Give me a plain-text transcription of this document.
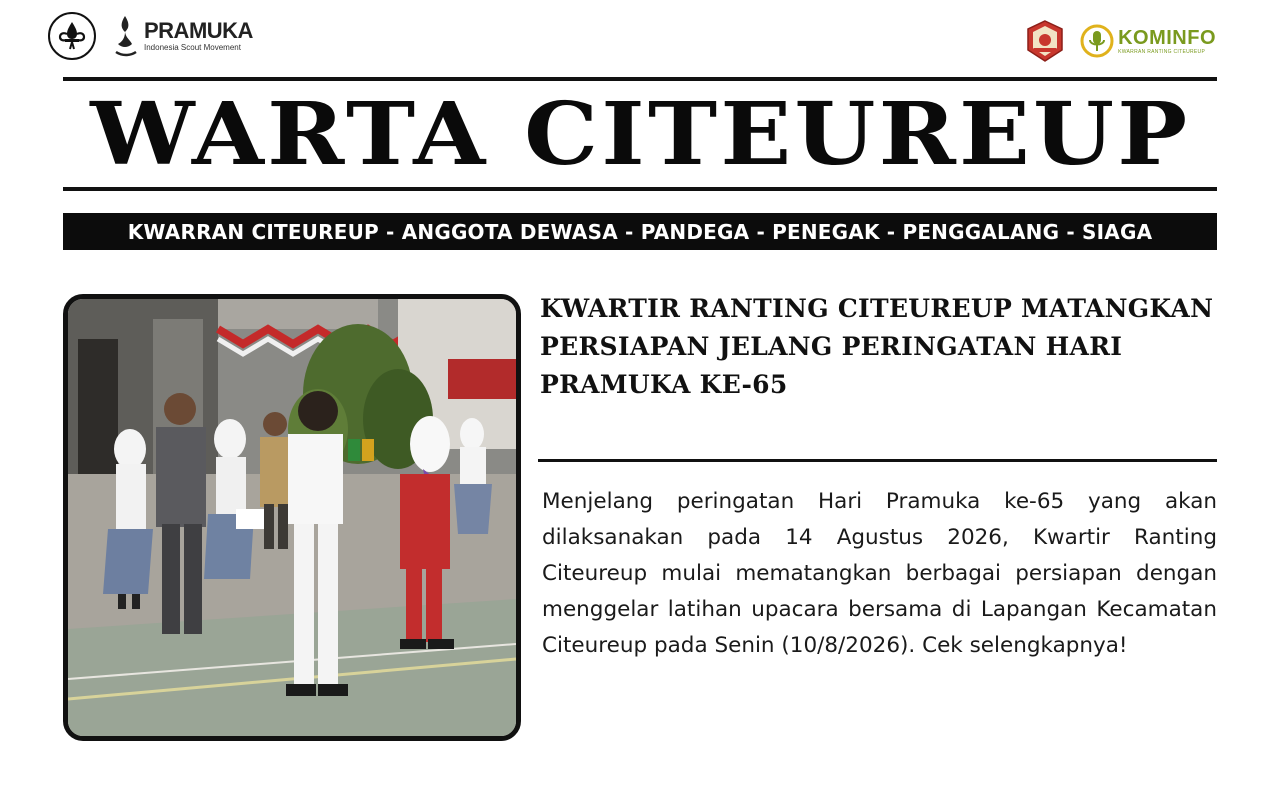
PRAMUKA
Indonesia Scout Movement	KOMINFO
KWARRAN RANTING CITEUREUP
WARTA CITEUREUP
KWARRAN CITEUREUP - ANGGOTA DEWASA - PANDEGA - PENEGAK - PENGGALANG - SIAGA
KWARTIR RANTING CITEUREUP MATANGKAN PERSIAPAN JELANG PERINGATAN HARI PRAMUKA KE-65

Menjelang peringatan Hari Pramuka ke-65 yang akan dilaksanakan pada 14 Agustus 2026, Kwartir Ranting Citeureup mulai mematangkan berbagai persiapan dengan menggelar latihan upacara bersama di Lapangan Kecamatan Citeureup pada Senin (10/8/2026). Cek selengkapnya!
